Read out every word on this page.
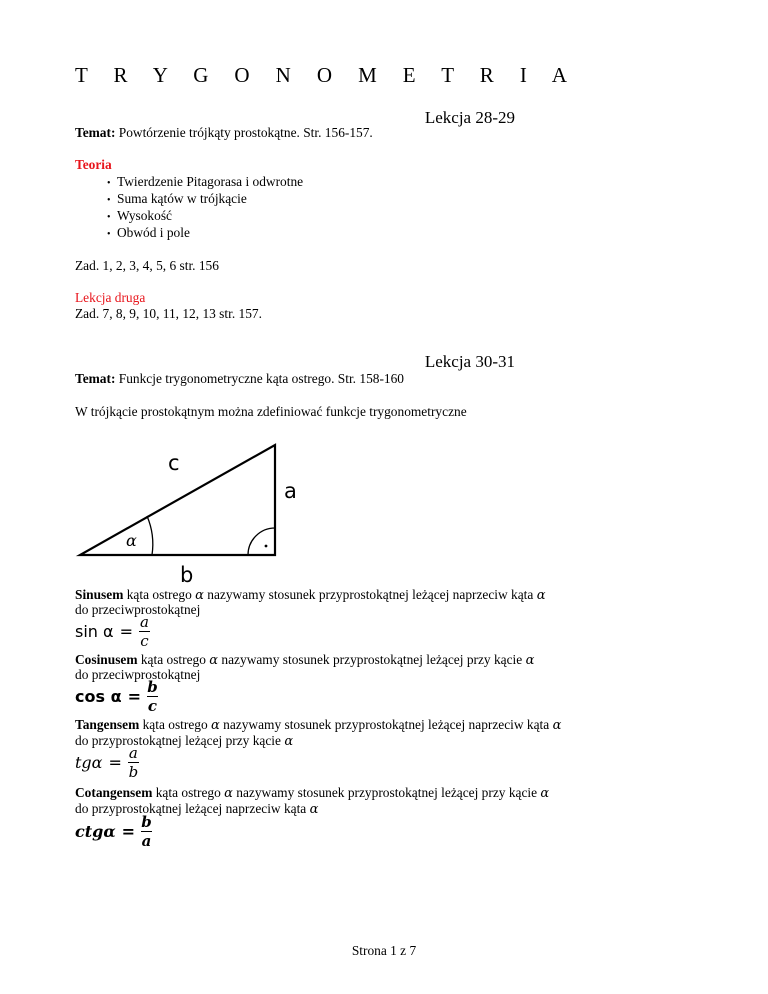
T R Y G O N O M E T R I A
Lekcja 28-29
Temat: Powtórzenie trójkąty prostokątne. Str. 156-157.
Teoria
• Twierdzenie Pitagorasa i odwrotne
• Suma kątów w trójkącie
• Wysokość
• Obwód i pole
Zad. 1, 2, 3, 4, 5, 6 str. 156
Lekcja druga
Zad. 7, 8, 9, 10, 11, 12, 13 str. 157.
Lekcja 30-31
Temat: Funkcje trygonometryczne kąta ostrego. Str. 158-160
W trójkącie prostokątnym można zdefiniować funkcje trygonometryczne
c
a
b
α
Sinusem kąta ostrego α nazywamy stosunek przyprostokątnej leżącej naprzeciw kąta α
do przeciwprostokątnej
$\sin \alpha = \frac{a}{c}$
Cosinusem kąta ostrego α nazywamy stosunek przyprostokątnej leżącej przy kącie α
do przeciwprostokątnej
$\cos \alpha = \frac{b}{c}$
Tangensem kąta ostrego α nazywamy stosunek przyprostokątnej leżącej naprzeciw kąta α
do przyprostokątnej leżącej przy kącie α
$tg\alpha = \frac{a}{b}$
Cotangensem kąta ostrego α nazywamy stosunek przyprostokątnej leżącej przy kącie α
do przyprostokątnej leżącej naprzeciw kąta α
$ctg\alpha = \frac{b}{a}$
Strona 1 z 7
